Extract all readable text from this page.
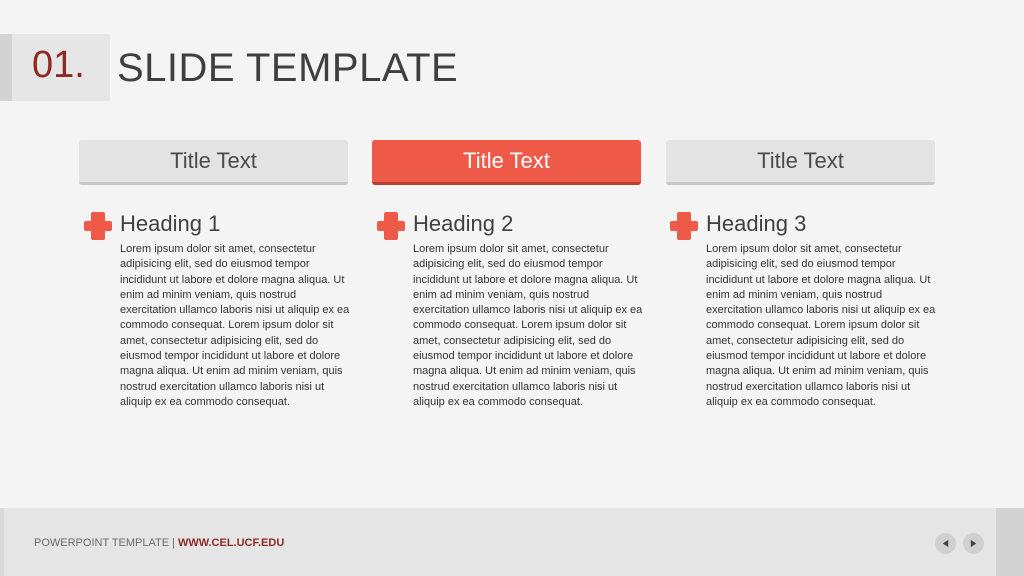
01. SLIDE TEMPLATE
Title Text	Title Text	Title Text
Heading 1

Lorem ipsum dolor sit amet, consectetur adipisicing elit, sed do eiusmod tempor incididunt ut labore et dolore magna aliqua. Ut enim ad minim veniam, quis nostrud exercitation ullamco laboris nisi ut aliquip ex ea commodo consequat. Lorem ipsum dolor sit amet, consectetur adipisicing elit, sed do eiusmod tempor incididunt ut labore et dolore magna aliqua. Ut enim ad minim veniam, quis nostrud exercitation ullamco laboris nisi ut aliquip ex ea commodo consequat.

Heading 2

Lorem ipsum dolor sit amet, consectetur adipisicing elit, sed do eiusmod tempor incididunt ut labore et dolore magna aliqua. Ut enim ad minim veniam, quis nostrud exercitation ullamco laboris nisi ut aliquip ex ea commodo consequat. Lorem ipsum dolor sit amet, consectetur adipisicing elit, sed do eiusmod tempor incididunt ut labore et dolore magna aliqua. Ut enim ad minim veniam, quis nostrud exercitation ullamco laboris nisi ut aliquip ex ea commodo consequat.

Heading 3

Lorem ipsum dolor sit amet, consectetur adipisicing elit, sed do eiusmod tempor incididunt ut labore et dolore magna aliqua. Ut enim ad minim veniam, quis nostrud exercitation ullamco laboris nisi ut aliquip ex ea commodo consequat. Lorem ipsum dolor sit amet, consectetur adipisicing elit, sed do eiusmod tempor incididunt ut labore et dolore magna aliqua. Ut enim ad minim veniam, quis nostrud exercitation ullamco laboris nisi ut aliquip ex ea commodo consequat.

POWERPOINT TEMPLATE | WWW.CEL.UCF.EDU
